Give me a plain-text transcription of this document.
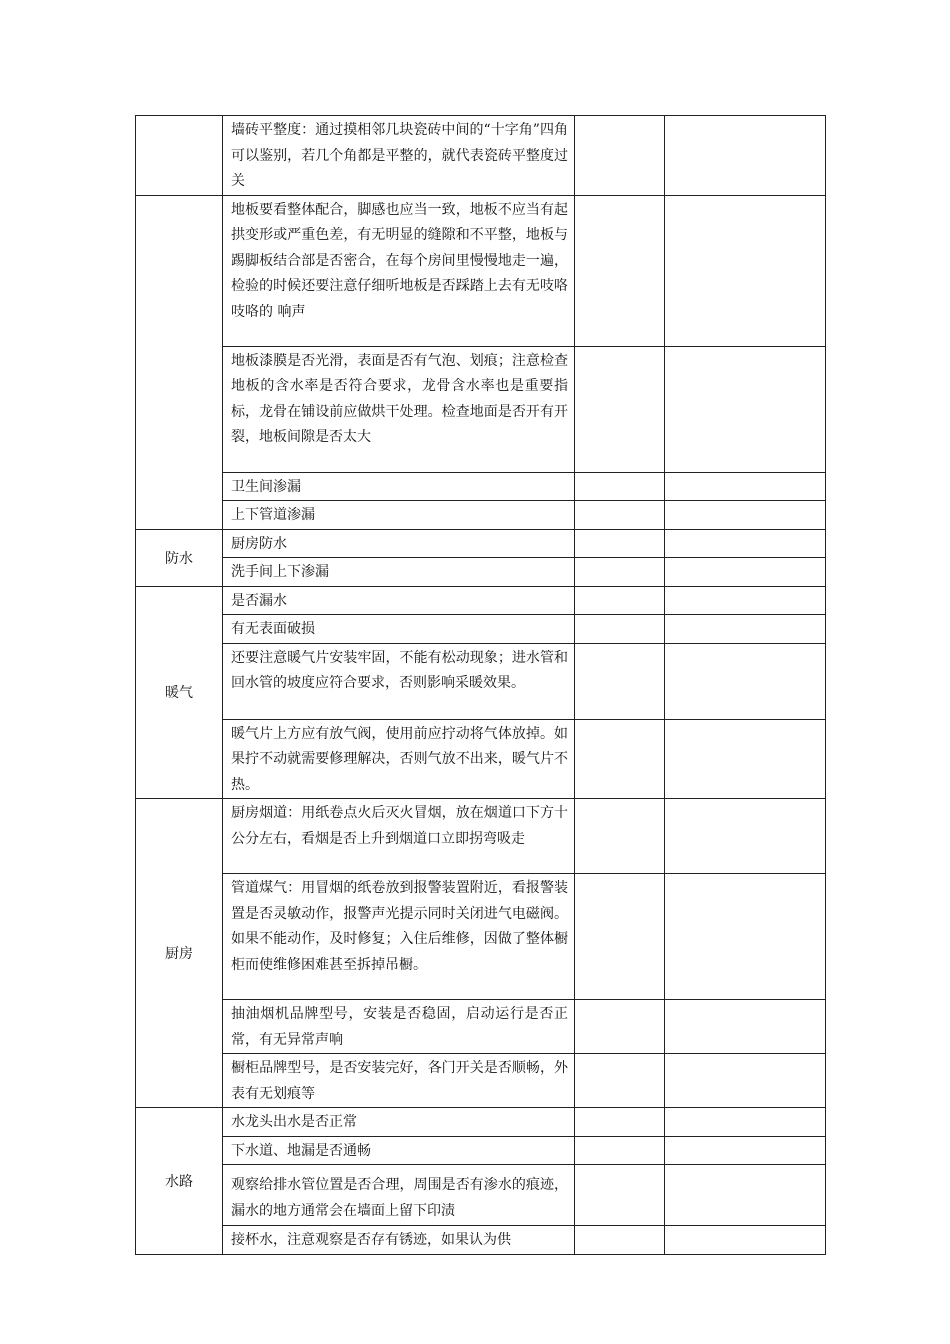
	墙砖平整度：通过摸相邻几块瓷砖中间的“十字角”四角可以鉴别，若几个角都是平整的，就代表瓷砖平整度过关		
	地板要看整体配合，脚感也应当一致，地板不应当有起拱变形或严重色差，有无明显的缝隙和不平整，地板与踢脚板结合部是否密合，在每个房间里慢慢地走一遍，检验的时候还要注意仔细听地板是否踩踏上去有无吱咯吱咯的 响声		
	地板漆膜是否光滑，表面是否有气泡、划痕；注意检查地板的含水率是否符合要求，龙骨含水率也是重要指标，龙骨在铺设前应做烘干处理。检查地面是否开有开裂，地板间隙是否太大		
	卫生间渗漏		
	上下管道渗漏		
防水	厨房防水		
	洗手间上下渗漏		
暖气	是否漏水		
	有无表面破损		
	还要注意暖气片安装牢固，不能有松动现象；进水管和回水管的坡度应符合要求，否则影响采暖效果。		
	暖气片上方应有放气阀，使用前应拧动将气体放掉。如果拧不动就需要修理解决，否则气放不出来，暖气片不热。		
厨房	厨房烟道：用纸卷点火后灭火冒烟，放在烟道口下方十公分左右，看烟是否上升到烟道口立即拐弯吸走		
	管道煤气：用冒烟的纸卷放到报警装置附近，看报警装置是否灵敏动作，报警声光提示同时关闭进气电磁阀。如果不能动作，及时修复；入住后维修，因做了整体橱柜而使维修困难甚至拆掉吊橱。		
	抽油烟机品牌型号，安装是否稳固，启动运行是否正常，有无异常声响		
	橱柜品牌型号，是否安装完好，各门开关是否顺畅，外表有无划痕等		
水路	水龙头出水是否正常		
	下水道、地漏是否通畅		
	观察给排水管位置是否合理，周围是否有渗水的痕迹，漏水的地方通常会在墙面上留下印渍		
	接杯水，注意观察是否存有锈迹，如果认为供		
